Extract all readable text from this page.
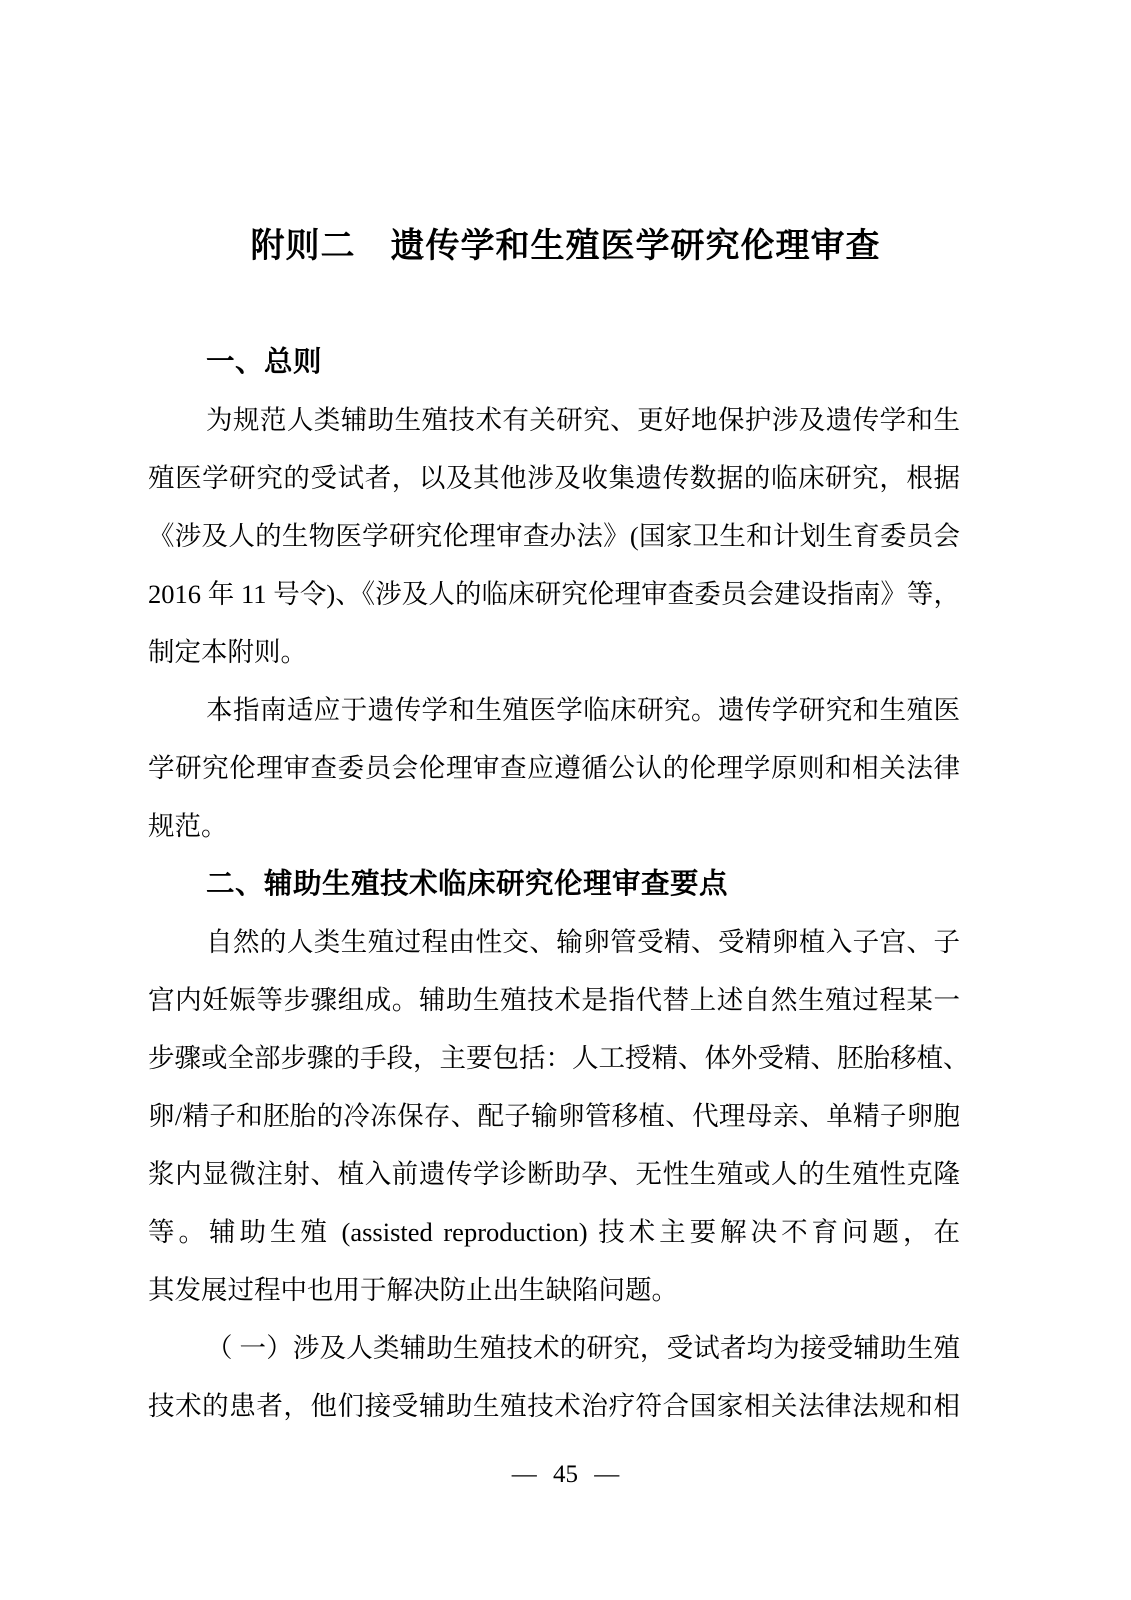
附则二　遗传学和生殖医学研究伦理审查
一、总则
为规范人类辅助生殖技术有关研究、更好地保护涉及遗传学和生
殖医学研究的受试者，以及其他涉及收集遗传数据的临床研究，根据
《涉及人的生物医学研究伦理审查办法》(国家卫生和计划生育委员会
2016 年 11 号令)、《涉及人的临床研究伦理审查委员会建设指南》等，
制定本附则。
本指南适应于遗传学和生殖医学临床研究。遗传学研究和生殖医
学研究伦理审查委员会伦理审查应遵循公认的伦理学原则和相关法律
规范。
二、辅助生殖技术临床研究伦理审查要点
自然的人类生殖过程由性交、输卵管受精、受精卵植入子宫、子
宫内妊娠等步骤组成。辅助生殖技术是指代替上述自然生殖过程某一
步骤或全部步骤的手段，主要包括：人工授精、体外受精、胚胎移植、
卵/精子和胚胎的冷冻保存、配子输卵管移植、代理母亲、单精子卵胞
浆内显微注射、植入前遗传学诊断助孕、无性生殖或人的生殖性克隆
等。辅助生殖 (assisted reproduction) 技术主要解决不育问题，在
其发展过程中也用于解决防止出生缺陷问题。
（ 一）涉及人类辅助生殖技术的研究，受试者均为接受辅助生殖
技术的患者，他们接受辅助生殖技术治疗符合国家相关法律法规和相
— 45 —
